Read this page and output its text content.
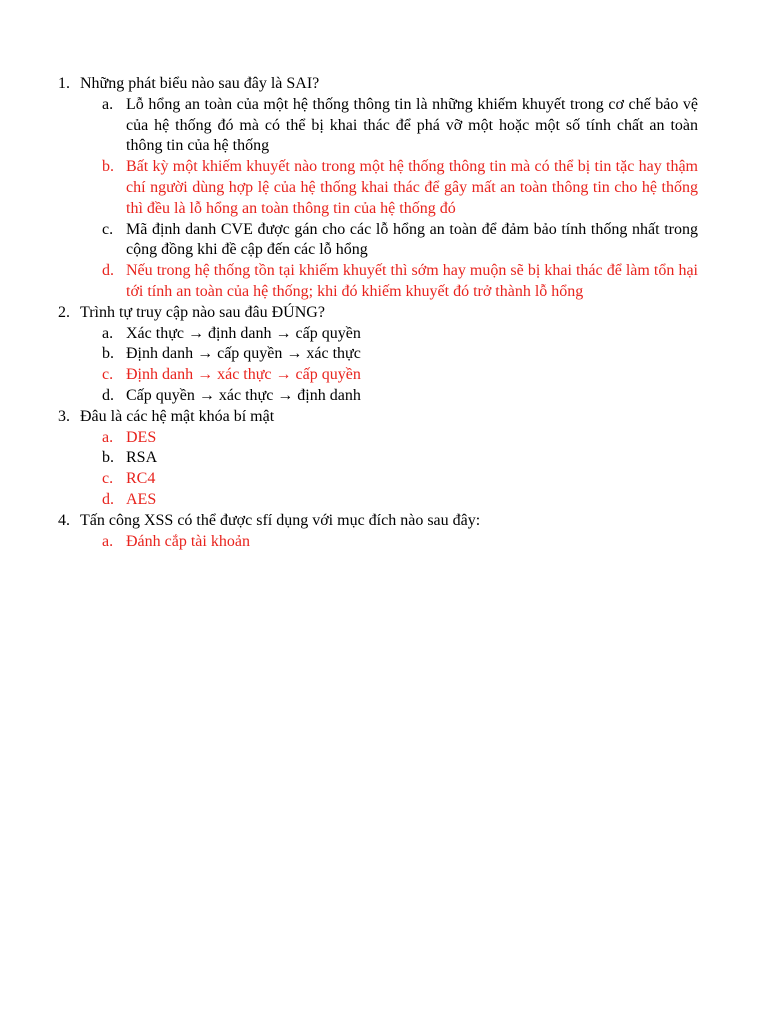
1. Những phát biểu nào sau đây là SAI?
a. Lỗ hổng an toàn của một hệ thống thông tin là những khiếm khuyết trong cơ chế bảo vệ của hệ thống đó mà có thể bị khai thác để phá vỡ một hoặc một số tính chất an toàn thông tin của hệ thống
b. Bất kỳ một khiếm khuyết nào trong một hệ thống thông tin mà có thể bị tin tặc hay thậm chí người dùng hợp lệ của hệ thống khai thác để gây mất an toàn thông tin cho hệ thống thì đều là lỗ hổng an toàn thông tin của hệ thống đó
c. Mã định danh CVE được gán cho các lỗ hổng an toàn để đảm bảo tính thống nhất trong cộng đồng khi đề cập đến các lỗ hổng
d. Nếu trong hệ thống tồn tại khiếm khuyết thì sớm hay muộn sẽ bị khai thác để làm tổn hại tới tính an toàn của hệ thống; khi đó khiếm khuyết đó trở thành lỗ hổng
2. Trình tự truy cập nào sau đâu ĐÚNG?
a. Xác thực → định danh → cấp quyền
b. Định danh → cấp quyền → xác thực
c. Định danh → xác thực → cấp quyền
d. Cấp quyền → xác thực → định danh
3. Đâu là các hệ mật khóa bí mật
a. DES
b. RSA
c. RC4
d. AES
4. Tấn công XSS có thể được sfí dụng với mục đích nào sau đây:
a. Đánh cắp tài khoản
